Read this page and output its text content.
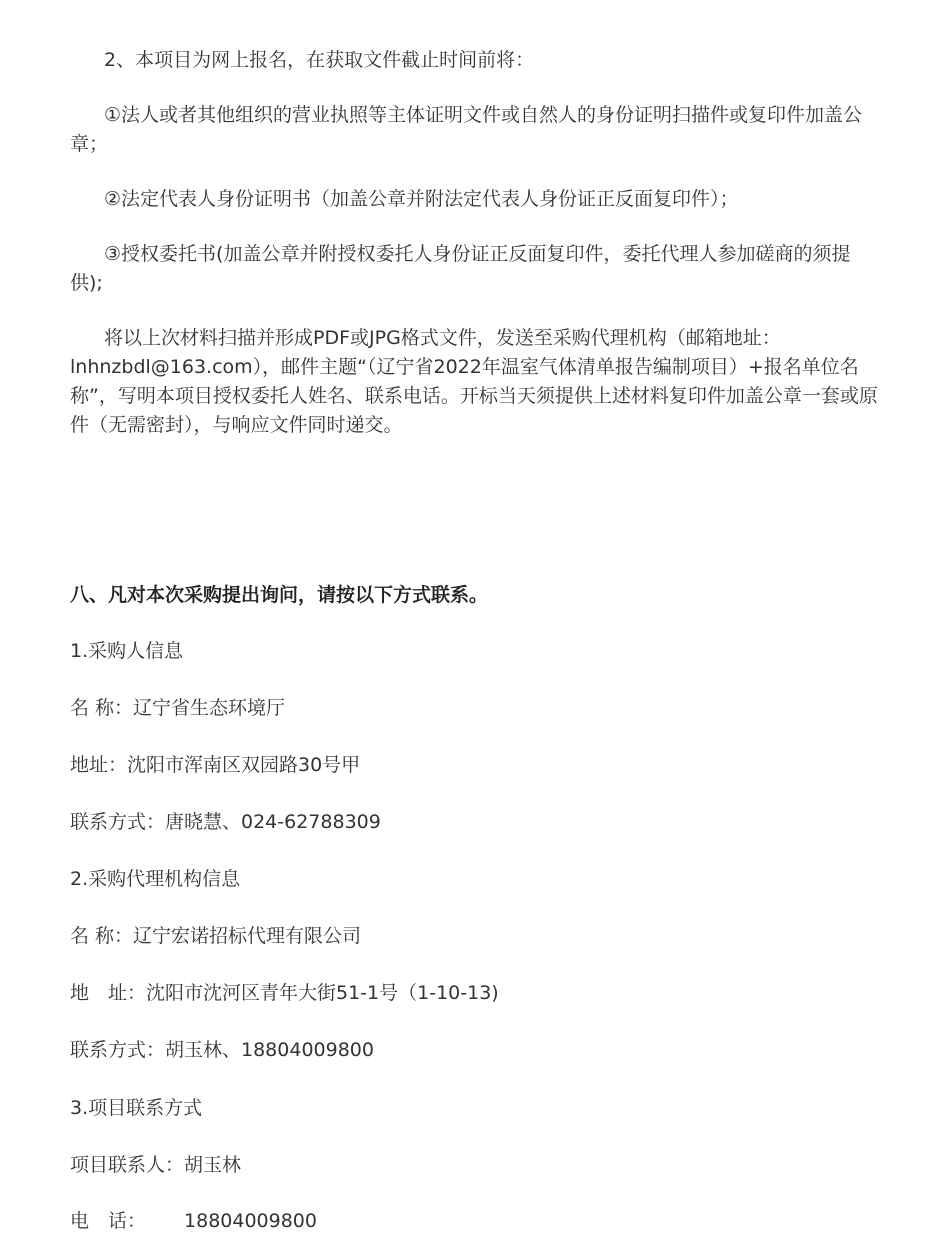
2、本项目为网上报名，在获取文件截止时间前将：

①法人或者其他组织的营业执照等主体证明文件或自然人的身份证明扫描件或复印件加盖公章；

②法定代表人身份证明书（加盖公章并附法定代表人身份证正反面复印件）；

③授权委托书(加盖公章并附授权委托人身份证正反面复印件，委托代理人参加磋商的须提供);

将以上次材料扫描并形成PDF或JPG格式文件，发送至采购代理机构（邮箱地址：lnhnzbdl@163.com），邮件主题“（辽宁省2022年温室气体清单报告编制项目）+报名单位名称”，写明本项目授权委托人姓名、联系电话。开标当天须提供上述材料复印件加盖公章一套或原件（无需密封），与响应文件同时递交。

八、凡对本次采购提出询问，请按以下方式联系。

1.采购人信息

名 称：辽宁省生态环境厅

地址：沈阳市浑南区双园路30号甲

联系方式：唐晓慧、024-62788309

2.采购代理机构信息

名 称：辽宁宏诺招标代理有限公司

地　址：沈阳市沈河区青年大街51-1号（1-10-13)

联系方式：胡玉林、18804009800

3.项目联系方式

项目联系人：胡玉林

电　话： 18804009800
